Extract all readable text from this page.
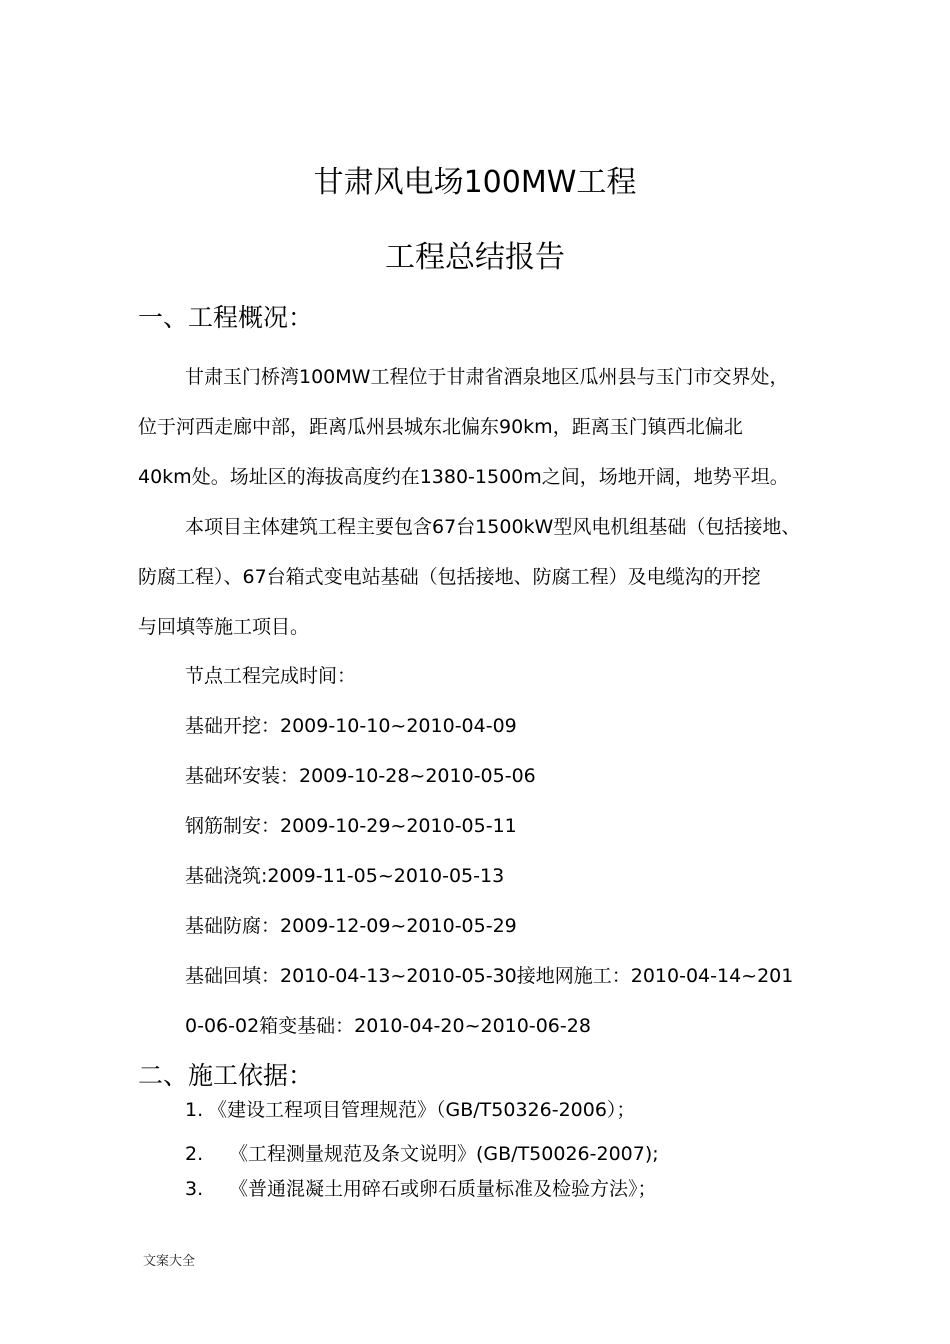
甘肃风电场100MW工程
工程总结报告
一、工程概况：
甘肃玉门桥湾100MW工程位于甘肃省酒泉地区瓜州县与玉门市交界处，
位于河西走廊中部，距离瓜州县城东北偏东90km，距离玉门镇西北偏北
40km处。场址区的海拔高度约在1380-1500m之间，场地开阔，地势平坦。
本项目主体建筑工程主要包含67台1500kW型风电机组基础（包括接地、
防腐工程）、67台箱式变电站基础（包括接地、防腐工程）及电缆沟的开挖
与回填等施工项目。
节点工程完成时间：
基础开挖：2009-10-10~2010-04-09
基础环安装：2009-10-28~2010-05-06
钢筋制安：2009-10-29~2010-05-11
基础浇筑:2009-11-05~2010-05-13
基础防腐：2009-12-09~2010-05-29
基础回填：2010-04-13~2010-05-30接地网施工：2010-04-14~201
0-06-02箱变基础：2010-04-20~2010-06-28
二、施工依据：
1. 《建设工程项目管理规范》（GB/T50326-2006）；
2. 《工程测量规范及条文说明》(GB/T50026-2007);
3. 《普通混凝土用碎石或卵石质量标准及检验方法》；
文案大全
